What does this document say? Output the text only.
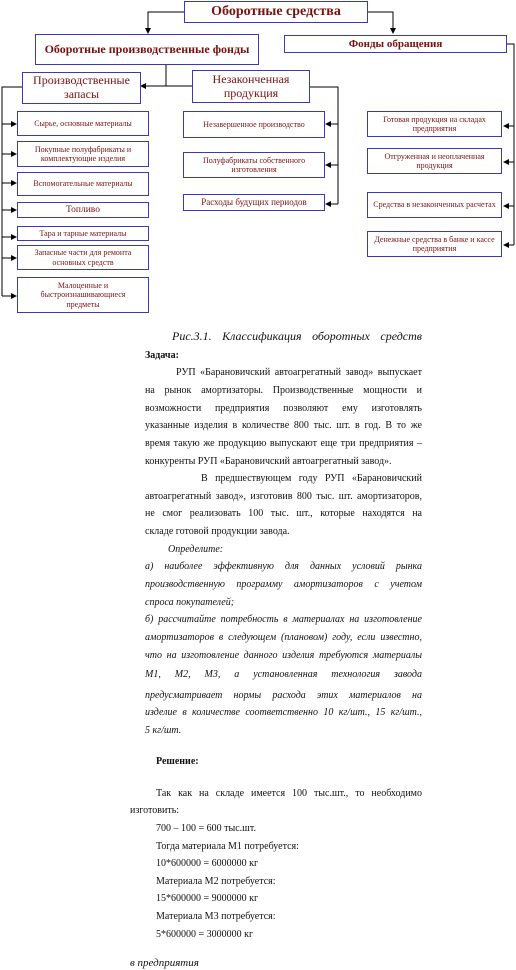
Оборотные средства
Оборотные производственные фонды	Фонды обращения
Производственные запасы
Незаконченная продукция
Сырье, основные материалы
Покупные полуфабрикаты и комплектующие изделия
Вспомогательные материалы
Топливо
Тара и тарные материалы
Запасные части для ремонта основных средств
Малоценные и быстроизнашивающиеся предметы
Незавершенное производство
Полуфабрикаты собственного изготовления
Расходы будущих периодов
Готовая продукция на складах предприятия
Отгруженная и неоплаченная продукция
Средства в незаконченных расчетах
Денежные средства в банке и кассе предприятия
Рис.3.1. Классификация оборотных средств
Задача:
РУП «Барановичский автоагрегатный завод» выпускает
на рынок амортизаторы. Производственные мощности и
возможности предприятия позволяют ему изготовлять
указанные изделия в количестве 800 тыс. шт. в год. В то же
время такую же продукцию выпускают еще три предприятия –
конкуренты РУП «Барановичский автоагрегатный завод».
В предшествующем году РУП «Барановичский
автоагрегатный завод», изготовив 800 тыс. шт. амортизаторов,
не смог реализовать 100 тыс. шт., которые находятся на
складе готовой продукции завода.
Определите:
а) наиболее эффективную для данных условий рынка
производственную программу амортизаторов с учетом
спроса покупателей;
б) рассчитайте потребность в материалах на изготовление
амортизаторов в следующем (плановом) году, если известно,
что на изготовление данного изделия требуются материалы
М1, М2, М3, а установленная технология завода
предусматривает нормы расхода этих материалов на
изделие в количестве соответственно 10 кг/шт., 15 кг/шт.,
5 кг/шт.
Решение:
Так как на складе имеется 100 тыс.шт., то необходимо
изготовить:
700 – 100 = 600 тыс.шт.
Тогда материала М1 потребуется:
10*600000 = 6000000 кг
Материала М2 потребуется:
15*600000 = 9000000 кг
Материала М3 потребуется:
5*600000 = 3000000 кг
в предприятия
